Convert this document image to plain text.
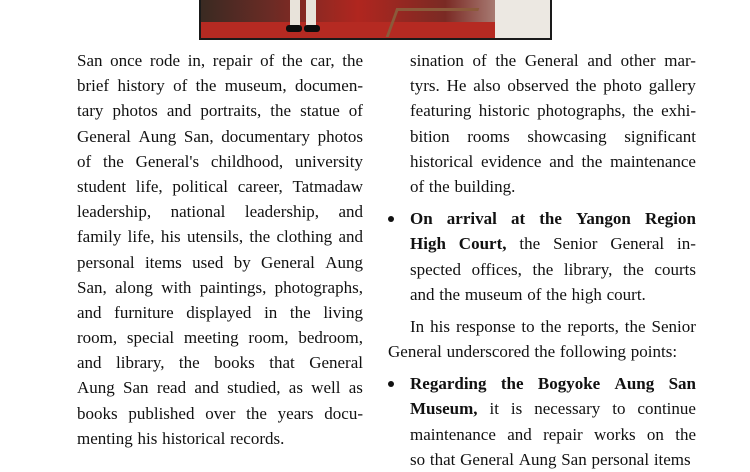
San once rode in, repair of the car, the
brief history of the museum, documen-
tary photos and portraits, the statue of
General Aung San, documentary photos
of the General's childhood, university
student life, political career, Tatmadaw
leadership, national leadership, and
family life, his utensils, the clothing and
personal items used by General Aung
San, along with paintings, photographs,
and furniture displayed in the living
room, special meeting room, bedroom,
and library, the books that General
Aung San read and studied, as well as
books published over the years docu-
menting his historical records.
sination of the General and other mar-
tyrs. He also observed the photo gallery
featuring historic photographs, the exhi-
bition rooms showcasing significant
historical evidence and the maintenance
of the building.
On arrival at the Yangon Region
High Court, the Senior General in-
spected offices, the library, the courts
and the museum of the high court.
In his response to the reports, the Senior
General underscored the following points:
Regarding the Bogyoke Aung San
Museum, it is necessary to continue
maintenance and repair works on the
so that General Aung San personal items
